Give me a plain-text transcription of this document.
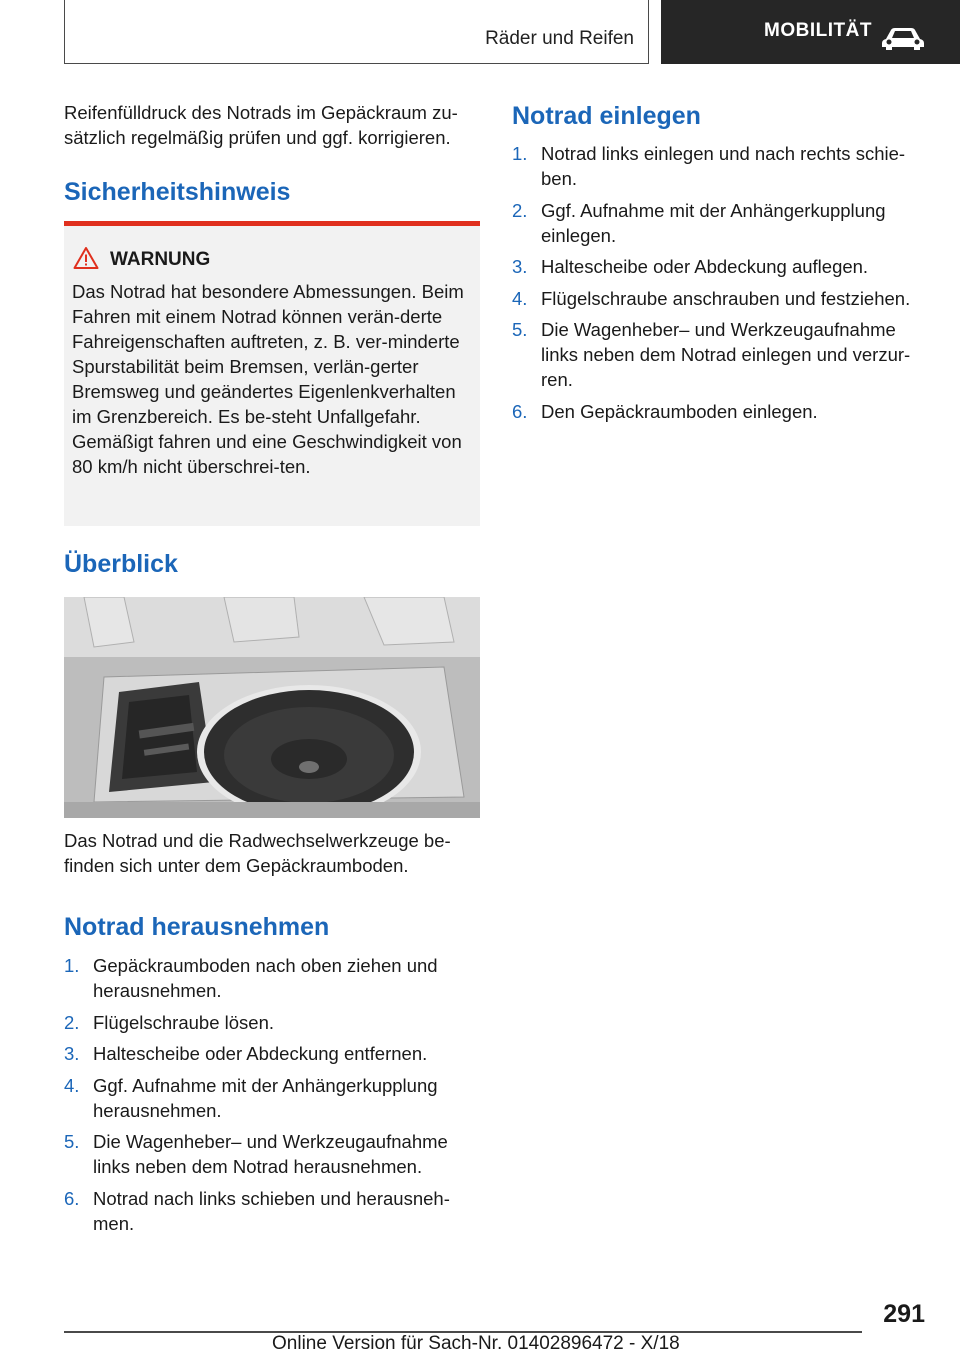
Räder und Reifen	MOBILITÄT

Reifenfülldruck des Notrads im Gepäckraum zu-sätzlich regelmäßig prüfen und ggf. korrigieren.

Sicherheitshinweis
WARNUNG

Das Notrad hat besondere Abmessungen. Beim Fahren mit einem Notrad können verän-derte Fahreigenschaften auftreten, z. B. ver-minderte Spurstabilität beim Bremsen, verlän-gerter Bremsweg und geändertes Eigenlenkverhalten im Grenzbereich. Es be-steht Unfallgefahr. Gemäßigt fahren und eine Geschwindigkeit von 80 km/h nicht überschrei-ten.

Überblick

Das Notrad und die Radwechselwerkzeuge be-finden sich unter dem Gepäckraumboden.

Notrad herausnehmen
1. Gepäckraumboden nach oben ziehen und herausnehmen.
2. Flügelschraube lösen.
3. Haltescheibe oder Abdeckung entfernen.
4. Ggf. Aufnahme mit der Anhängerkupplung herausnehmen.
5. Die Wagenheber– und Werkzeugaufnahme links neben dem Notrad herausnehmen.
6. Notrad nach links schieben und herausneh-men.
Notrad einlegen
1. Notrad links einlegen und nach rechts schie-ben.
2. Ggf. Aufnahme mit der Anhängerkupplung einlegen.
3. Haltescheibe oder Abdeckung auflegen.
4. Flügelschraube anschrauben und festziehen.
5. Die Wagenheber– und Werkzeugaufnahme links neben dem Notrad einlegen und verzur-ren.
6. Den Gepäckraumboden einlegen.
291
Online Version für Sach-Nr. 01402896472 - X/18
